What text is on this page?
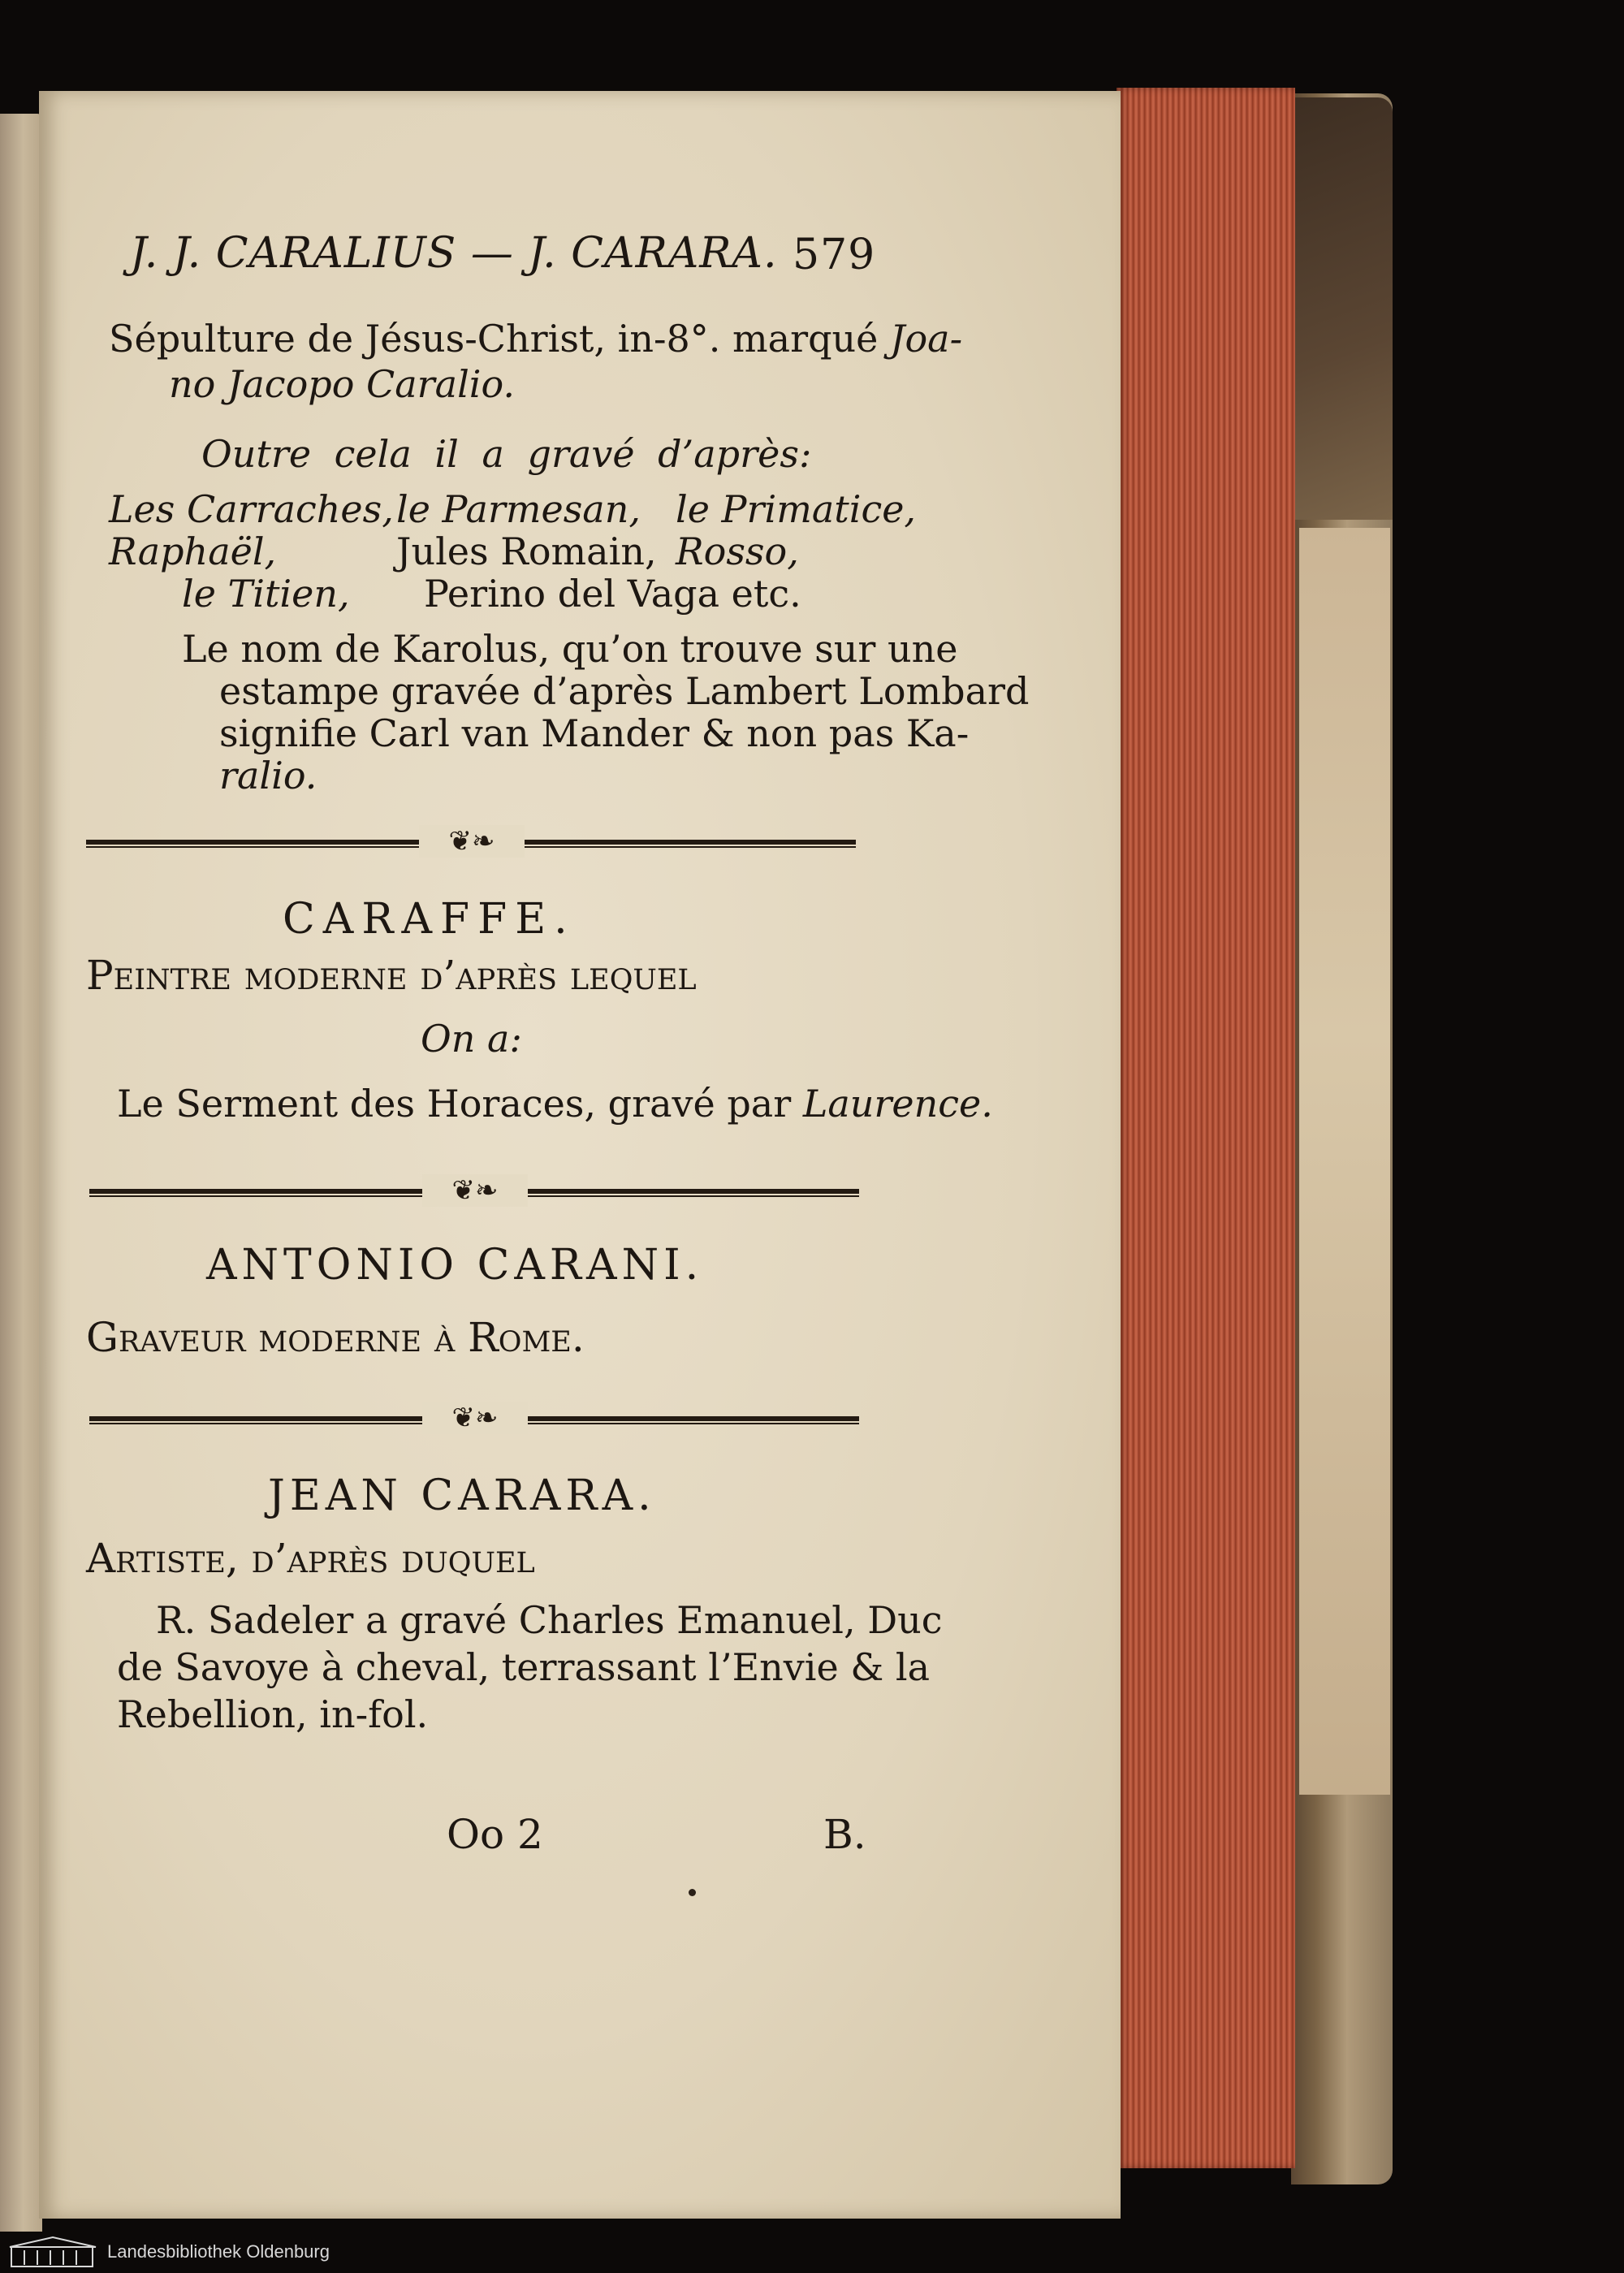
J. J. CARALIUS — J. CARARA. 579
Sépulture de Jésus-Christ, in-8°. marqué Joa-
no Jacopo Caralio.
Outre cela il a gravé d’après:
Les Carraches, le Parmesan, le Primatice,
Raphaël,	Jules Romain, Rosso,
le Titien, Perino del Vaga etc.
Le nom de Karolus, qu’on trouve sur une
estampe gravée d’après Lambert Lombard
signifie Carl van Mander & non pas Ka-
ralio.
❦❧
CARAFFE.
Peintre moderne d’après lequel
On a:
Le Serment des Horaces, gravé par Laurence.
❦❧
ANTONIO CARANI.
Graveur moderne à Rome.
❦❧
JEAN CARARA.
Artiste, d’après duquel
R. Sadeler a gravé Charles Emanuel, Duc
de Savoye à cheval, terrassant l’Envie & la
Rebellion, in-fol.
Oo 2	B.
Landesbibliothek Oldenburg
